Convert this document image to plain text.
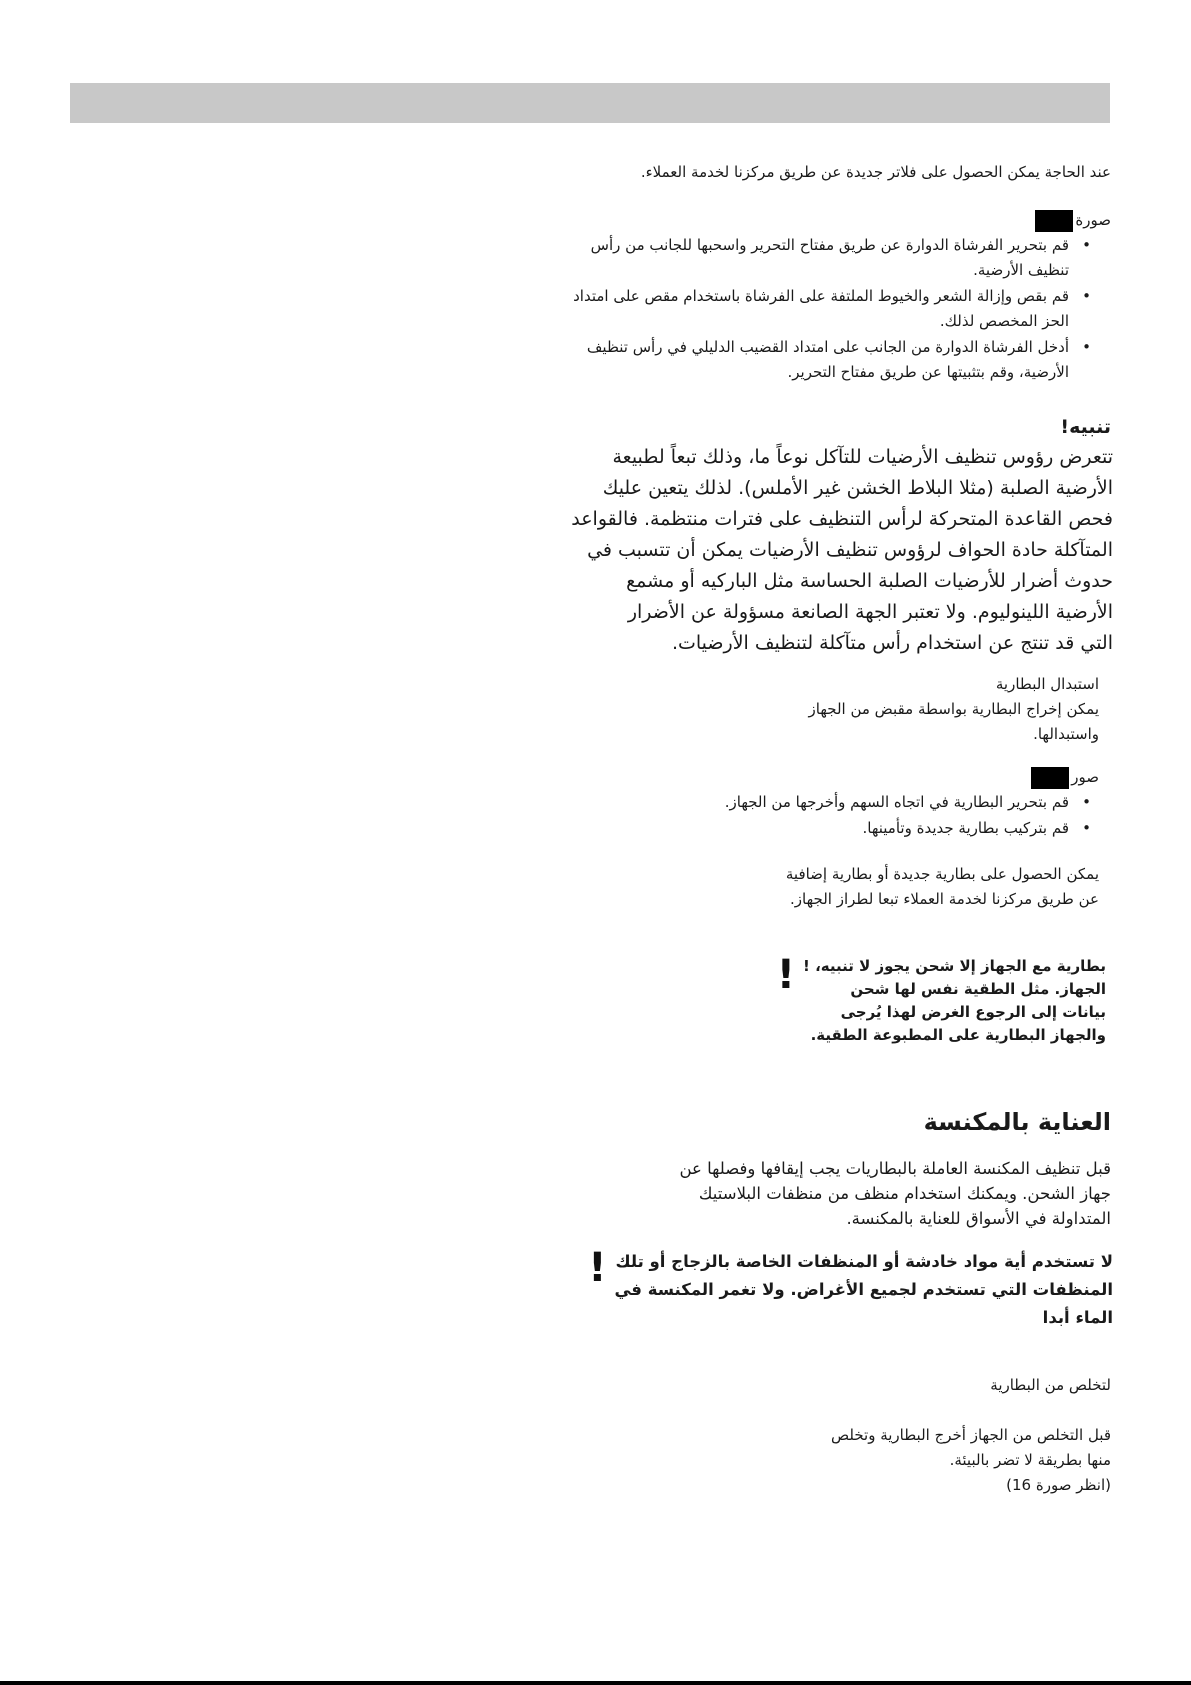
عند الحاجة يمكن الحصول على فلاتر جديدة عن طريق مركزنا لخدمة العملاء.
صورة
• قم بتحرير الفرشاة الدوارة عن طريق مفتاح التحرير واسحبها للجانب من رأس تنظيف الأرضية.
• قم بقص وإزالة الشعر والخيوط الملتفة على الفرشاة باستخدام مقص على امتداد الحز المخصص لذلك.
• أدخل الفرشاة الدوارة من الجانب على امتداد القضيب الدليلي في رأس تنظيف الأرضية، وقم بتثبيتها عن طريق مفتاح التحرير.
تنبيه!
تتعرض رؤوس تنظيف الأرضيات للتآكل نوعاً ما، وذلك تبعاً لطبيعة
الأرضية الصلبة (مثلا البلاط الخشن غير الأملس). لذلك يتعين عليك
فحص القاعدة المتحركة لرأس التنظيف على فترات منتظمة. فالقواعد
المتآكلة حادة الحواف لرؤوس تنظيف الأرضيات يمكن أن تتسبب في
حدوث أضرار للأرضيات الصلبة الحساسة مثل الباركيه أو مشمع
الأرضية اللينوليوم. ولا تعتبر الجهة الصانعة مسؤولة عن الأضرار
التي قد تنتج عن استخدام رأس متآكلة لتنظيف الأرضيات.
استبدال البطارية
يمكن إخراج البطارية بواسطة مقبض من الجهاز
واستبدالها.
صور
• قم بتحرير البطارية في اتجاه السهم وأخرجها من الجهاز.
• قم بتركيب بطارية جديدة وتأمينها.
يمكن الحصول على بطارية جديدة أو بطارية إضافية
عن طريق مركزنا لخدمة العملاء تبعا لطراز الجهاز.
! بطارية مع الجهاز إلا شحن يجوز لا تنبيه، !
الجهاز. مثل الطقية نفس لها شحن
بيانات إلى الرجوع الغرض لهذا يُرجى
والجهاز البطارية على المطبوعة الطقية.
العناية بالمكنسة
قبل تنظيف المكنسة العاملة بالبطاريات يجب إيقافها وفصلها عن
جهاز الشحن. ويمكنك استخدام منظف من منظفات البلاستيك
المتداولة في الأسواق للعناية بالمكنسة.
! لا تستخدم أية مواد خادشة أو المنظفات الخاصة بالزجاج أو تلك
المنظفات التي تستخدم لجميع الأغراض. ولا تغمر المكنسة في
الماء أبدا
لتخلص من البطارية
قبل التخلص من الجهاز أخرج البطارية وتخلص
منها بطريقة لا تضر بالبيئة.
(انظر صورة 16)
